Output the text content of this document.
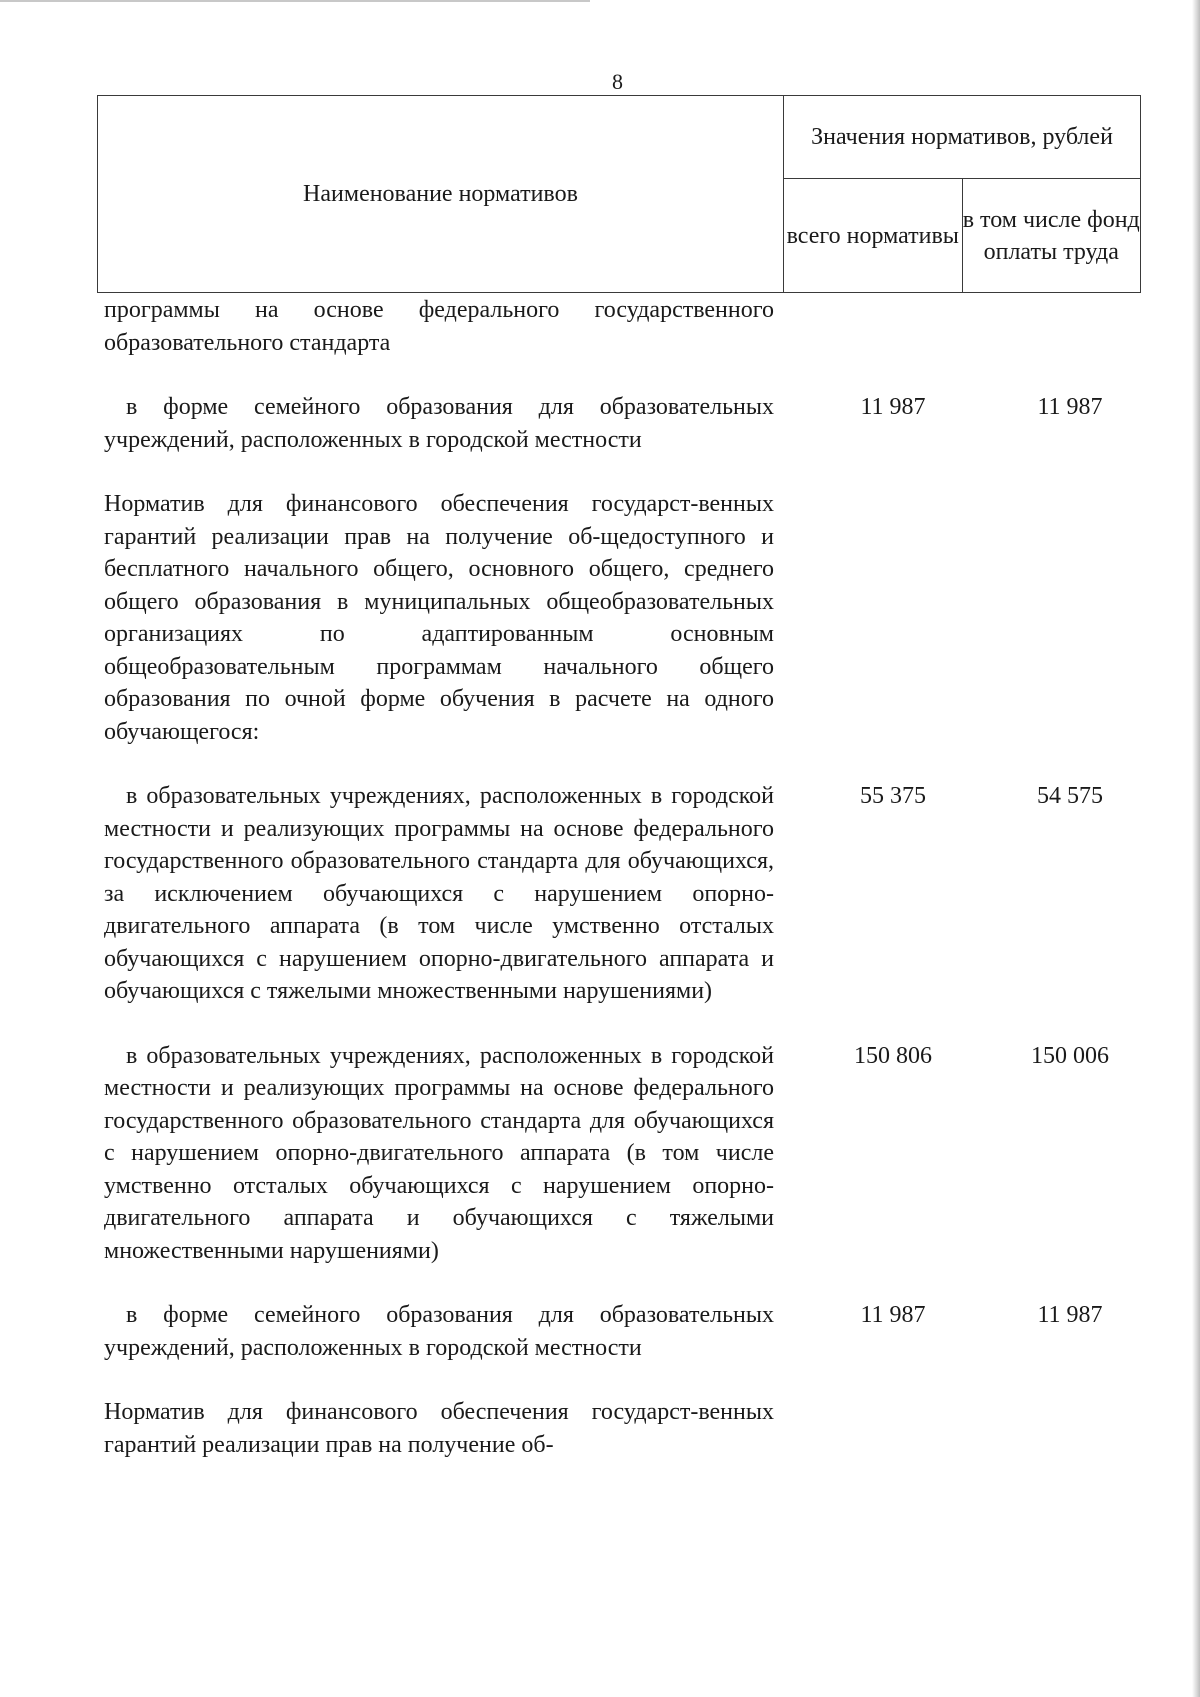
8
Наименование нормативов	Значения нормативов, рублей	
	всего нормативы	в том числе фонд оплаты труда
программы на основе федерального государственного образовательного стандарта
в форме семейного образования для образовательных учреждений, расположенных в городской местности
11 987	11 987
Норматив для финансового обеспечения государст-венных гарантий реализации прав на получение об-щедоступного и бесплатного начального общего, основного общего, среднего общего образования в муниципальных общеобразовательных организациях по адаптированным основным общеобразовательным программам начального общего образования по очной форме обучения в расчете на одного обучающегося:
в образовательных учреждениях, расположенных в городской местности и реализующих программы на основе федерального государственного образовательного стандарта для обучающихся, за исключением обучающихся с нарушением опорно-двигательного аппарата (в том числе умственно отсталых обучающихся с нарушением опорно-двигательного аппарата и обучающихся с тяжелыми множественными нарушениями)
55 375	54 575
в образовательных учреждениях, расположенных в городской местности и реализующих программы на основе федерального государственного образовательного стандарта для обучающихся с нарушением опорно-двигательного аппарата (в том числе умственно отсталых обучающихся с нарушением опорно-двигательного аппарата и обучающихся с тяжелыми множественными нарушениями)
150 806	150 006
в форме семейного образования для образовательных учреждений, расположенных в городской местности
11 987	11 987
Норматив для финансового обеспечения государст-венных гарантий реализации прав на получение об-
